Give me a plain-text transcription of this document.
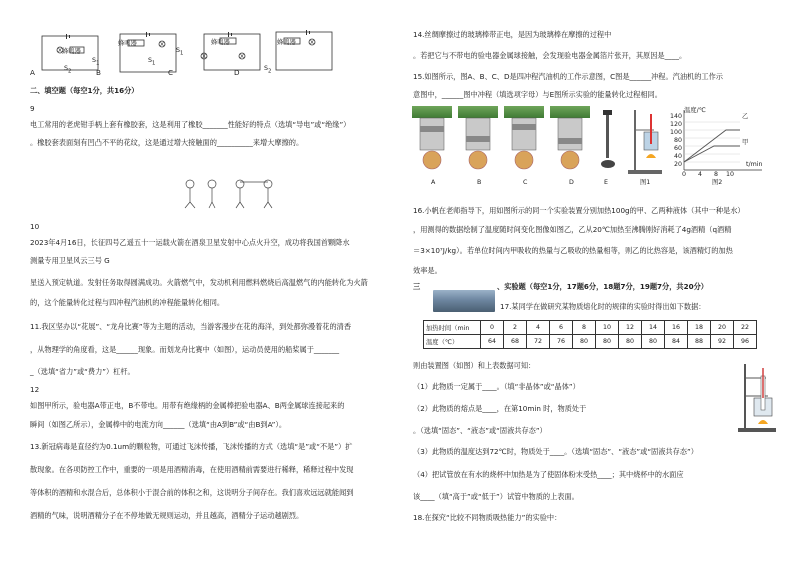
蜂鸣器
蜂鸣器	蜂鸣器	蜂鸣器
$S_1$
$S_2$
$S_1$
$S_1$
$S_2$
A	B	C	D
二、填空题（每空1分，共16分）
9
电工常用的老虎钳手柄上套有橡胶套，这是利用了橡胶_______性能好的特点（选填“导电”或“绝缘”）
。橡胶套表面刻有凹凸不平的花纹，这是通过增大接触面的__________来增大摩擦的。
10
2023年4月16日，长征四号乙遥五十一运载火箭在酒泉卫星发射中心点火升空，成功将我国首颗降水
测量专用卫星风云三号 G
星送入预定轨道。发射任务取得圆满成功。火箭燃气中，发动机利用燃料燃烧后高温燃气的内能转化为火箭
的，这个能量转化过程与四冲程汽油机的冲程能量转化相同。
11.我区坚办以“花展”、“龙舟比赛”等为主题的活动，当游客漫步在花的海洋，到处都弥漫着花的清香
，从物理学的角度看，这是______现象。而划龙舟比赛中（如图），运动员使用的船桨属于_______
_（选填“省力”或“费力”）杠杆。
12
如图甲所示，验电器A带正电，B不带电。用带有绝缘柄的金属棒把验电器A、B两金属球连接起来的
瞬间（如图乙所示），金属棒中的电流方向______（选填“由A到B”或“由B到A”）。
13.新冠病毒是直径约为0.1um的颗粒物，可通过飞沫传播，飞沫传播的方式（选填“是”或“不是”）扩
散现象。在各项防控工作中，重要的一项是用酒精消毒，在使用酒精前需要进行稀释，稀释过程中发现
等体积的酒精和水混合后，总体积小于混合前的体积之和，这说明分子间存在。我们喜欢远远就能闻到
酒精的气味，说明酒精分子在不停地做无规则运动，并且越高，酒精分子运动越剧烈。
14.丝绸摩擦过的玻璃棒带正电，是因为玻璃棒在摩擦的过程中
。若把它与不带电的验电器金属球接触，会发现验电器金属箔片张开，其原因是____。
15.如图所示，图A、B、C、D是四冲程汽油机的工作示意图，C图是______冲程。汽油机的工作示
意图中，______图中冲程（填选项字母）与E图所示实验的能量转化过程相同。
A	B	C	D	E	图1
温度/℃
t/min
乙
甲
140
120
100
80
60
40
20
0 4 8 10
图2
16.小帆在老师指导下，用如图所示的同一个实验装置分别加热100g的甲、乙两种液体（其中一种是水）
，用测得的数据绘制了温度随时间变化图像如图乙，乙从20℃加热至沸腾刚好消耗了4g酒精（q酒精
＝3×10⁷J/kg）。若单位时间内甲吸收的热量与乙吸收的热量相等，则乙的比热容是，该酒精灯的加热
效率是。
三	、实验题（每空1分，17题6分，18题7分，19题7分，共20分）
17.某同学在做研究某物质熔化时的规律的实验时得出如下数据：
加热时间（min	0	2	4	6	8	10	12	14	16	18	20	22
温度（℃）	64	68	72	76	80	80	80	80	84	88	92	96
则由装置图（如图）和上表数据可知：
（1）此物质一定属于____。（填“非晶体”或“晶体”）
（2）此物质的熔点是____，在第10min 时，物质处于
。（选填“固态”、“液态”或“固液共存态”）
（3）此物质的温度达到72℃时，物质处于____。（选填“固态”、“液态”或“固液共存态”）
（4）把试管放在有水的烧杯中加热是为了使固体粉末受热____；其中烧杯中的水面应
该____（填“高于”或“低于”）试管中物质的上表面。
18.在探究“比较不同物质吸热能力”的实验中：
